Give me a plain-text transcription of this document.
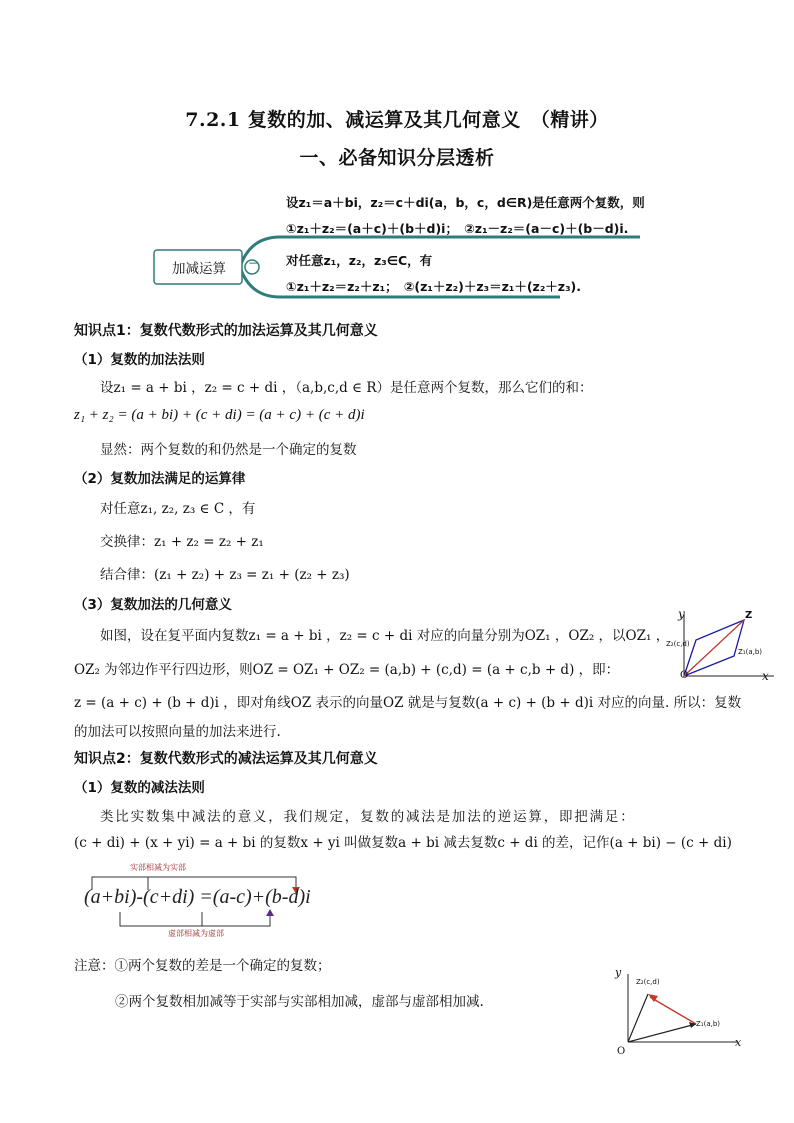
7.2.1 复数的加、减运算及其几何意义　（精讲）
一、必备知识分层透析
加减运算	−
设z₁＝a＋bi，z₂＝c＋di(a，b，c，d∈R)是任意两个复数，则
①z₁＋z₂＝(a＋c)＋(b＋d)i；　②z₁－z₂＝(a－c)＋(b－d)i.
对任意z₁，z₂，z₃∈C，有
①z₁＋z₂＝z₂＋z₁；　②(z₁＋z₂)＋z₃＝z₁＋(z₂＋z₃).
知识点1：复数代数形式的加法运算及其几何意义
（1）复数的加法法则
设z₁ = a + bi ，z₂ = c + di ，（a,b,c,d ∈ R）是任意两个复数，那么它们的和：
z₁ + z₂ = (a + bi) + (c + di) = (a + c) + (c + d)i
显然：两个复数的和仍然是一个确定的复数
（2）复数加法满足的运算律
对任意z₁, z₂, z₃ ∈ C ，有
交换律：z₁ + z₂ = z₂ + z₁
结合律：(z₁ + z₂) + z₃ = z₁ + (z₂ + z₃)
（3）复数加法的几何意义
如图，设在复平面内复数z₁ = a + bi ，z₂ = c + di 对应的向量分别为OZ₁ ，OZ₂ ，以OZ₁ ，
OZ₂ 为邻边作平行四边形，则OZ = OZ₁ + OZ₂ = (a,b) + (c,d) = (a + c,b + d) ，即：
z = (a + c) + (b + d)i ，即对角线OZ 表示的向量OZ 就是与复数(a + c) + (b + d)i 对应的向量. 所以：复数
的加法可以按照向量的加法来进行.
y
x
O
Z
Z₁(a,b)
Z₂(c,d)
知识点2：复数代数形式的减法运算及其几何意义
（1）复数的减法法则
类比实数集中减法的意义，我们规定，复数的减法是加法的逆运算，即把满足：
(c + di) + (x + yi) = a + bi 的复数x + yi 叫做复数a + bi 减去复数c + di 的差，记作(a + bi) − (c + di)
实部相减为实部
虚部相减为虚部
(a+bi)-(c+di) =(a-c)+(b-d)i
注意：①两个复数的差是一个确定的复数；
②两个复数相加减等于实部与实部相加减，虚部与虚部相加减.
y
x
O
Z₂(c,d)
Z₁(a,b)
